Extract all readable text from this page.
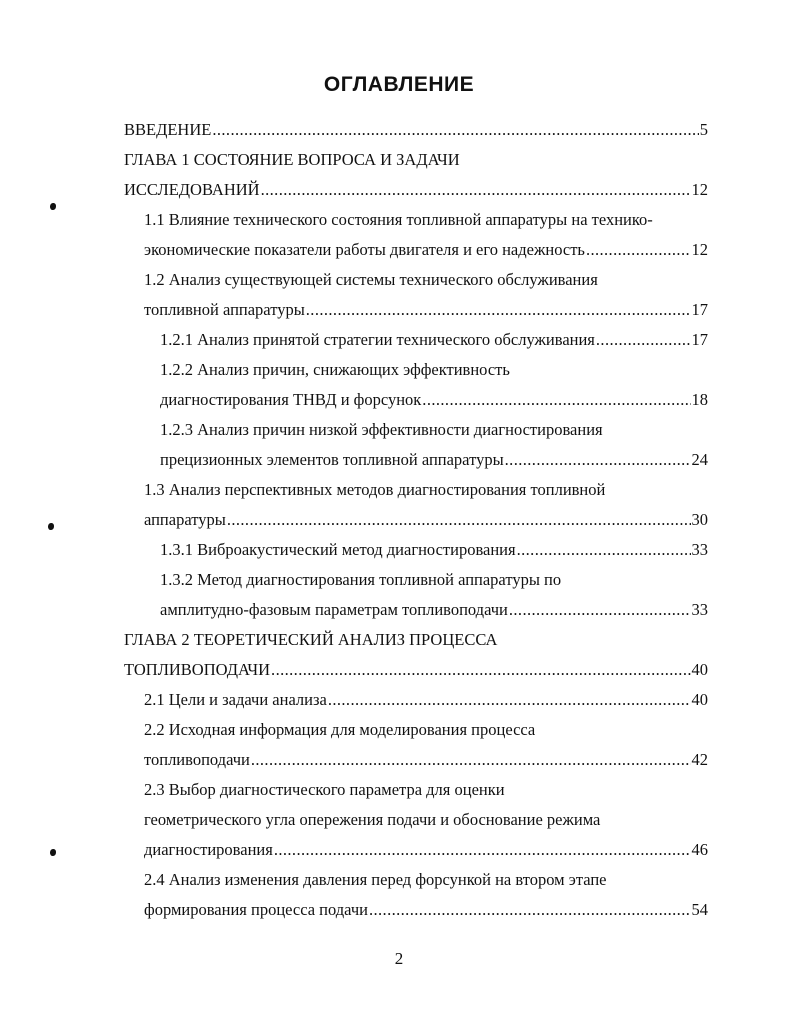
ОГЛАВЛЕНИЕ
ВВЕДЕНИЕ .....	5
ГЛАВА 1 СОСТОЯНИЕ ВОПРОСА И ЗАДАЧИ
ИССЛЕДОВАНИЙ .....	12
1.1 Влияние технического состояния топливной аппаратуры на технико-
экономические показатели работы двигателя и его надежность .....	12
1.2 Анализ существующей системы технического обслуживания
топливной аппаратуры .....	17
1.2.1 Анализ принятой стратегии технического обслуживания .....	17
1.2.2 Анализ причин, снижающих эффективность
диагностирования ТНВД и форсунок .....	18
1.2.3 Анализ причин низкой эффективности диагностирования
прецизионных элементов топливной аппаратуры .....	24
1.3 Анализ перспективных методов диагностирования топливной
аппаратуры .....	30
1.3.1 Виброакустический метод диагностирования .....	33
1.3.2 Метод диагностирования топливной аппаратуры по
амплитудно-фазовым параметрам топливоподачи .....	33
ГЛАВА 2 ТЕОРЕТИЧЕСКИЙ АНАЛИЗ ПРОЦЕССА
ТОПЛИВОПОДАЧИ .....	40
2.1 Цели и задачи анализа .....	40
2.2 Исходная информация для моделирования процесса
топливоподачи .....	42
2.3 Выбор диагностического параметра для оценки
геометрического угла опережения подачи и обоснование режима
диагностирования .....	46
2.4 Анализ изменения давления перед форсункой на втором этапе
формирования процесса подачи .....	54
2
